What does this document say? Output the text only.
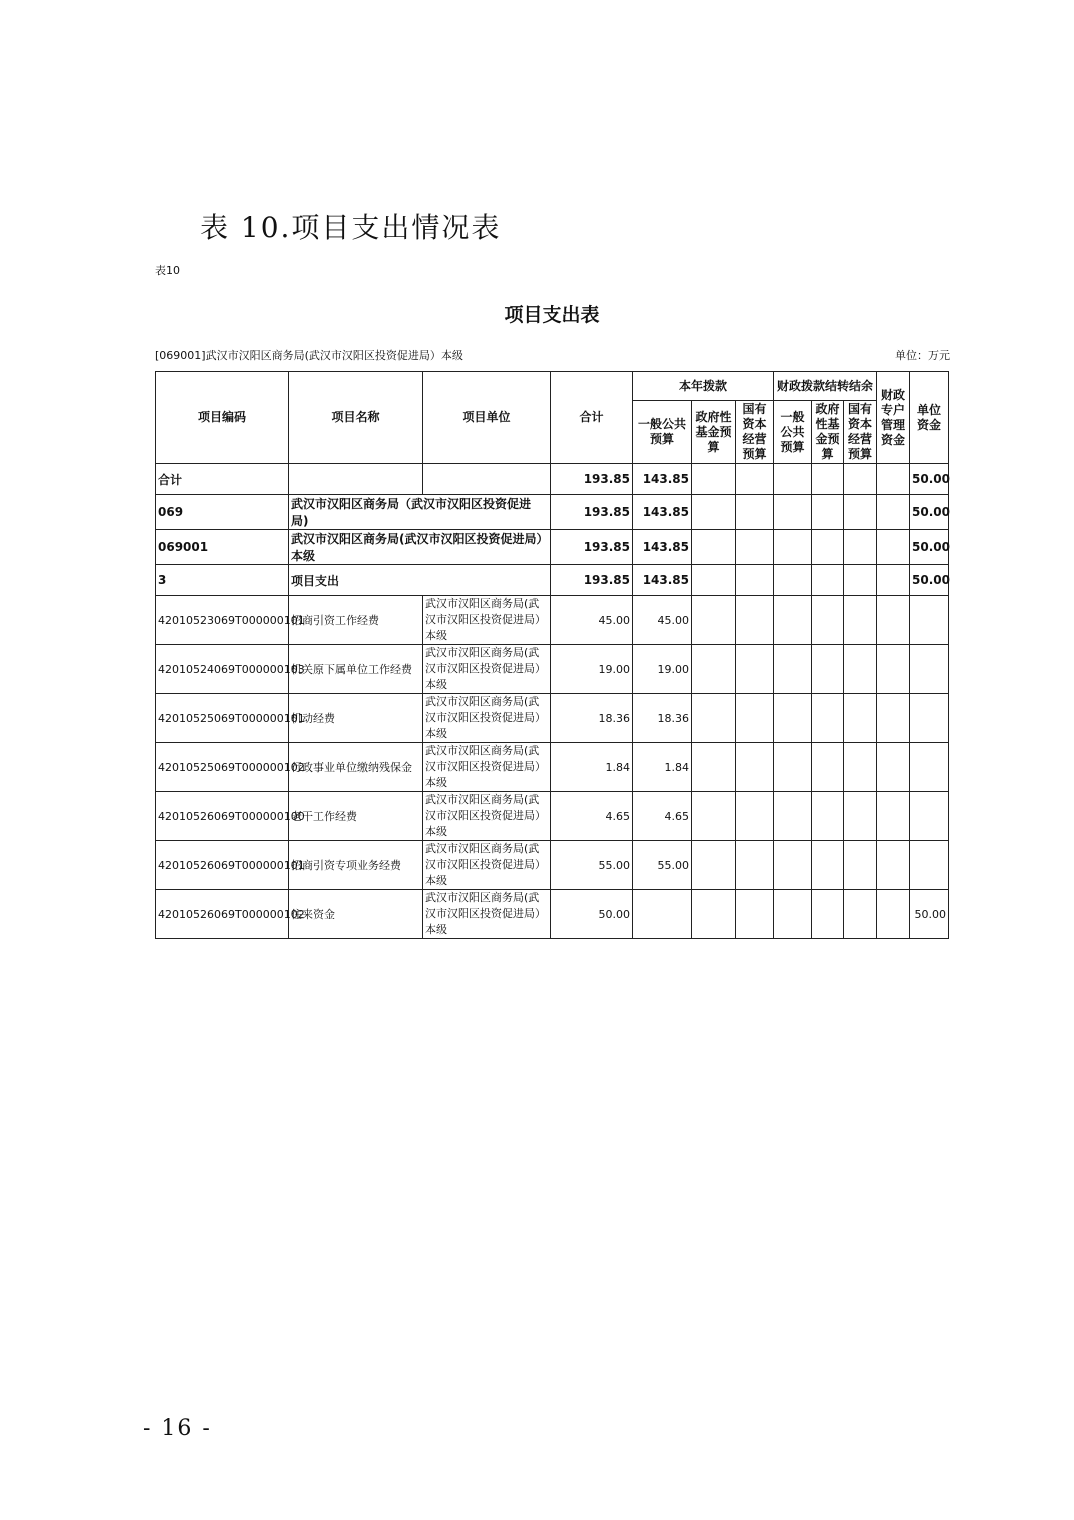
表 10.项目支出情况表
表10
项目支出表
[069001]武汉市汉阳区商务局(武汉市汉阳区投资促进局）本级	单位：万元
项目编码	项目名称	项目单位	合计	本年拨款			财政拨款结转结余			财政专户管理资金	单位资金
				一般公共预算	政府性基金预算	国有资本经营预算	一般公共预算	政府性基金预算	国有资本经营预算		
合计			193.85	143.85							50.00
069	武汉市汉阳区商务局（武汉市汉阳区投资促进局)		193.85	143.85							50.00
069001	武汉市汉阳区商务局(武汉市汉阳区投资促进局）本级		193.85	143.85							50.00
3	项目支出		193.85	143.85							50.00
42010523069T000000101	招商引资工作经费	武汉市汉阳区商务局(武汉市汉阳区投资促进局）本级	45.00	45.00							
42010524069T000000103	机关原下属单位工作经费	武汉市汉阳区商务局(武汉市汉阳区投资促进局）本级	19.00	19.00							
42010525069T000000101	机动经费	武汉市汉阳区商务局(武汉市汉阳区投资促进局）本级	18.36	18.36							
42010525069T000000102	行政事业单位缴纳残保金	武汉市汉阳区商务局(武汉市汉阳区投资促进局）本级	1.84	1.84							
42010526069T000000100	老干工作经费	武汉市汉阳区商务局(武汉市汉阳区投资促进局）本级	4.65	4.65							
42010526069T000000101	招商引资专项业务经费	武汉市汉阳区商务局(武汉市汉阳区投资促进局）本级	55.00	55.00							
42010526069T000000102	往来资金	武汉市汉阳区商务局(武汉市汉阳区投资促进局）本级	50.00								50.00
- 16 -
